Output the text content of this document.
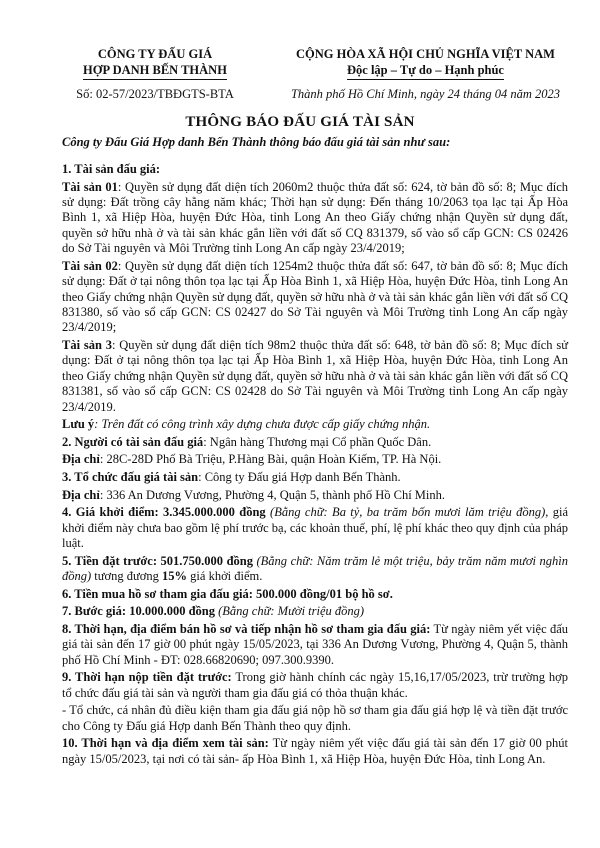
CÔNG TY ĐẤU GIÁ
HỢP DANH BẾN THÀNH
Số: 02-57/2023/TBĐGTS-BTA
CỘNG HÒA XÃ HỘI CHỦ NGHĨA VIỆT NAM
Độc lập – Tự do – Hạnh phúc
Thành phố Hồ Chí Minh, ngày 24 tháng 04 năm 2023
THÔNG BÁO ĐẤU GIÁ TÀI SẢN
Công ty Đấu Giá Hợp danh Bến Thành thông báo đấu giá tài sản như sau:

1. Tài sản đấu giá:

Tài sản 01: Quyền sử dụng đất diện tích 2060m2 thuộc thửa đất số: 624, tờ bản đồ số: 8; Mục đích sử dụng: Đất trồng cây hằng năm khác; Thời hạn sử dụng: Đến tháng 10/2063 tọa lạc tại Ấp Hòa Bình 1, xã Hiệp Hòa, huyện Đức Hòa, tỉnh Long An theo Giấy chứng nhận Quyền sử dụng đất, quyền sở hữu nhà ở và tài sản khác gắn liền với đất số CQ 831379, số vào sổ cấp GCN: CS 02426 do Sở Tài nguyên và Môi Trường tỉnh Long An cấp ngày 23/4/2019;

Tài sản 02: Quyền sử dụng đất diện tích 1254m2 thuộc thửa đất số: 647, tờ bản đồ số: 8; Mục đích sử dụng: Đất ở tại nông thôn tọa lạc tại Ấp Hòa Bình 1, xã Hiệp Hòa, huyện Đức Hòa, tỉnh Long An theo Giấy chứng nhận Quyền sử dụng đất, quyền sở hữu nhà ở và tài sản khác gắn liền với đất số CQ 831380, số vào sổ cấp GCN: CS 02427 do Sở Tài nguyên và Môi Trường tỉnh Long An cấp ngày 23/4/2019;

Tài sản 3: Quyền sử dụng đất diện tích 98m2 thuộc thửa đất số: 648, tờ bản đồ số: 8; Mục đích sử dụng: Đất ở tại nông thôn tọa lạc tại Ấp Hòa Bình 1, xã Hiệp Hòa, huyện Đức Hòa, tỉnh Long An theo Giấy chứng nhận Quyền sử dụng đất, quyền sở hữu nhà ở và tài sản khác gắn liền với đất số CQ 831381, số vào sổ cấp GCN: CS 02428 do Sở Tài nguyên và Môi Trường tỉnh Long An cấp ngày 23/4/2019.

Lưu ý: Trên đất có công trình xây dựng chưa được cấp giấy chứng nhận.

2. Người có tài sản đấu giá: Ngân hàng Thương mại Cổ phần Quốc Dân.

Địa chỉ: 28C-28D Phố Bà Triệu, P.Hàng Bài, quận Hoàn Kiếm, TP. Hà Nội.

3. Tổ chức đấu giá tài sản: Công ty Đấu giá Hợp danh Bến Thành.

Địa chỉ: 336 An Dương Vương, Phường 4, Quận 5, thành phố Hồ Chí Minh.

4. Giá khởi điểm: 3.345.000.000 đồng (Bằng chữ: Ba tỷ, ba trăm bốn mươi lăm triệu đồng), giá khởi điểm này chưa bao gồm lệ phí trước bạ, các khoản thuế, phí, lệ phí khác theo quy định của pháp luật.

5. Tiền đặt trước: 501.750.000 đồng (Bằng chữ: Năm trăm lẻ một triệu, bảy trăm năm mươi nghìn đồng) tương đương 15% giá khởi điểm.

6. Tiền mua hồ sơ tham gia đấu giá: 500.000 đồng/01 bộ hồ sơ.

7. Bước giá: 10.000.000 đồng (Bằng chữ: Mười triệu đồng)

8. Thời hạn, địa điểm bán hồ sơ và tiếp nhận hồ sơ tham gia đấu giá: Từ ngày niêm yết việc đấu giá tài sản đến 17 giờ 00 phút ngày 15/05/2023, tại 336 An Dương Vương, Phường 4, Quận 5, thành phố Hồ Chí Minh - ĐT: 028.66820690; 097.300.9390.

9. Thời hạn nộp tiền đặt trước: Trong giờ hành chính các ngày 15,16,17/05/2023, trừ trường hợp tổ chức đấu giá tài sản và người tham gia đấu giá có thỏa thuận khác.

- Tổ chức, cá nhân đủ điều kiện tham gia đấu giá nộp hồ sơ tham gia đấu giá hợp lệ và tiền đặt trước cho Công ty Đấu giá Hợp danh Bến Thành theo quy định.

10. Thời hạn và địa điểm xem tài sản: Từ ngày niêm yết việc đấu giá tài sản đến 17 giờ 00 phút ngày 15/05/2023, tại nơi có tài sản- ấp Hòa Bình 1, xã Hiệp Hòa, huyện Đức Hòa, tỉnh Long An.
